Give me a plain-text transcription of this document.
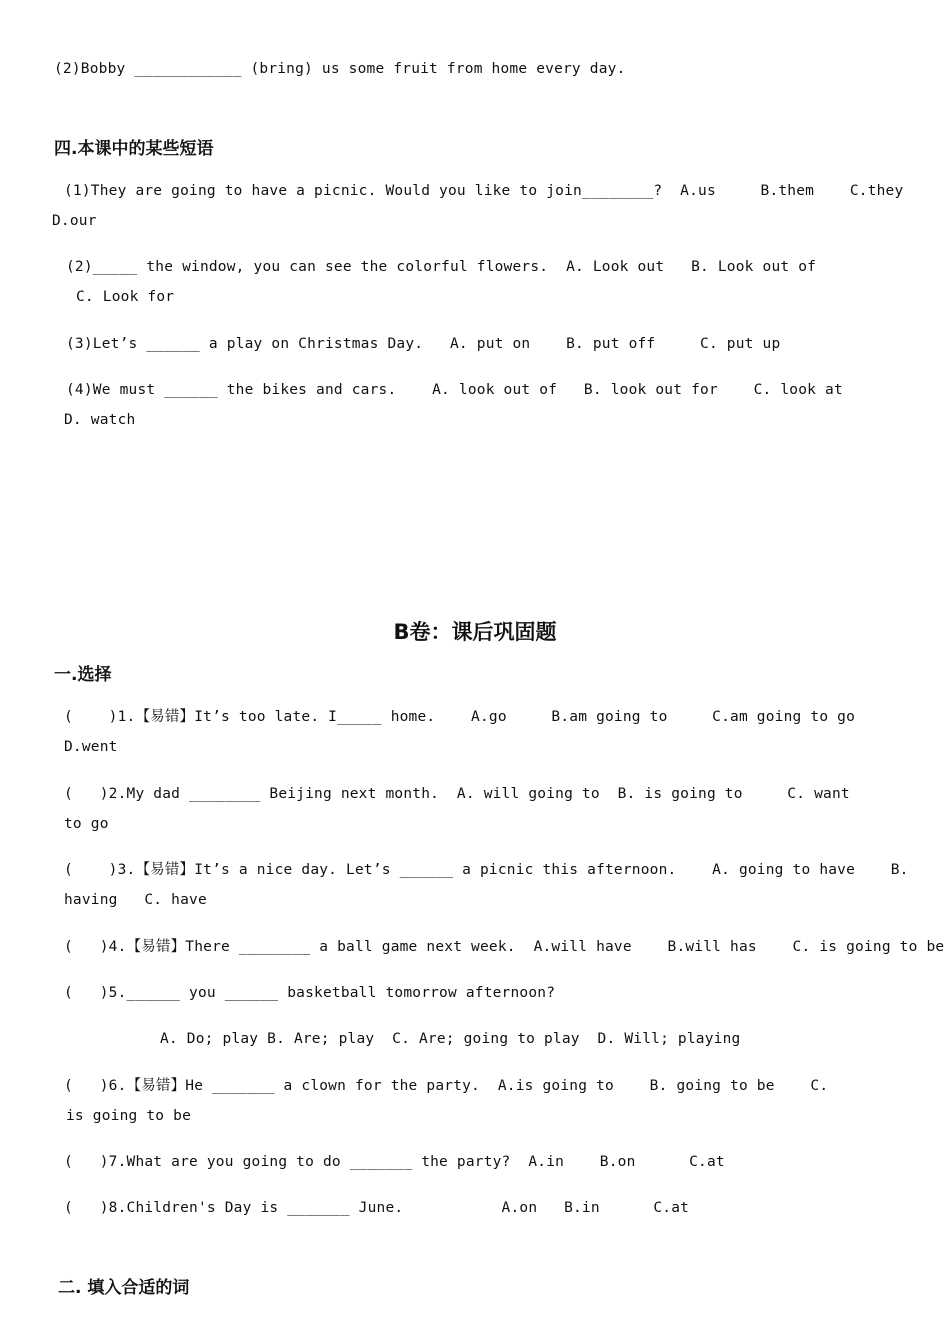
(2)Bobby ____________ (bring) us some fruit from home every day.
四.本课中的某些短语
(1)They are going to have a picnic. Would you like to join________?  A.us     B.them    C.they
D.our
(2)_____ the window, you can see the colorful flowers.  A. Look out   B. Look out of
C. Look for
(3)Let’s ______ a play on Christmas Day.   A. put on    B. put off     C. put up
(4)We must ______ the bikes and cars.    A. look out of   B. look out for    C. look at
D. watch
B卷：课后巩固题
一.选择
(    )1.【易错】It’s too late. I_____ home.    A.go     B.am going to     C.am going to go
D.went
(   )2.My dad ________ Beijing next month.  A. will going to  B. is going to     C. want
to go
(    )3.【易错】It’s a nice day. Let’s ______ a picnic this afternoon.    A. going to have    B.
having   C. have
(   )4.【易错】There ________ a ball game next week.  A.will have    B.will has    C. is going to be
(   )5.______ you ______ basketball tomorrow afternoon?
A. Do; play B. Are; play  C. Are; going to play  D. Will; playing
(   )6.【易错】He _______ a clown for the party.  A.is going to    B. going to be    C.
is going to be
(   )7.What are you going to do _______ the party?  A.in    B.on      C.at
(   )8.Children's Day is _______ June.           A.on   B.in      C.at
二. 填入合适的词
